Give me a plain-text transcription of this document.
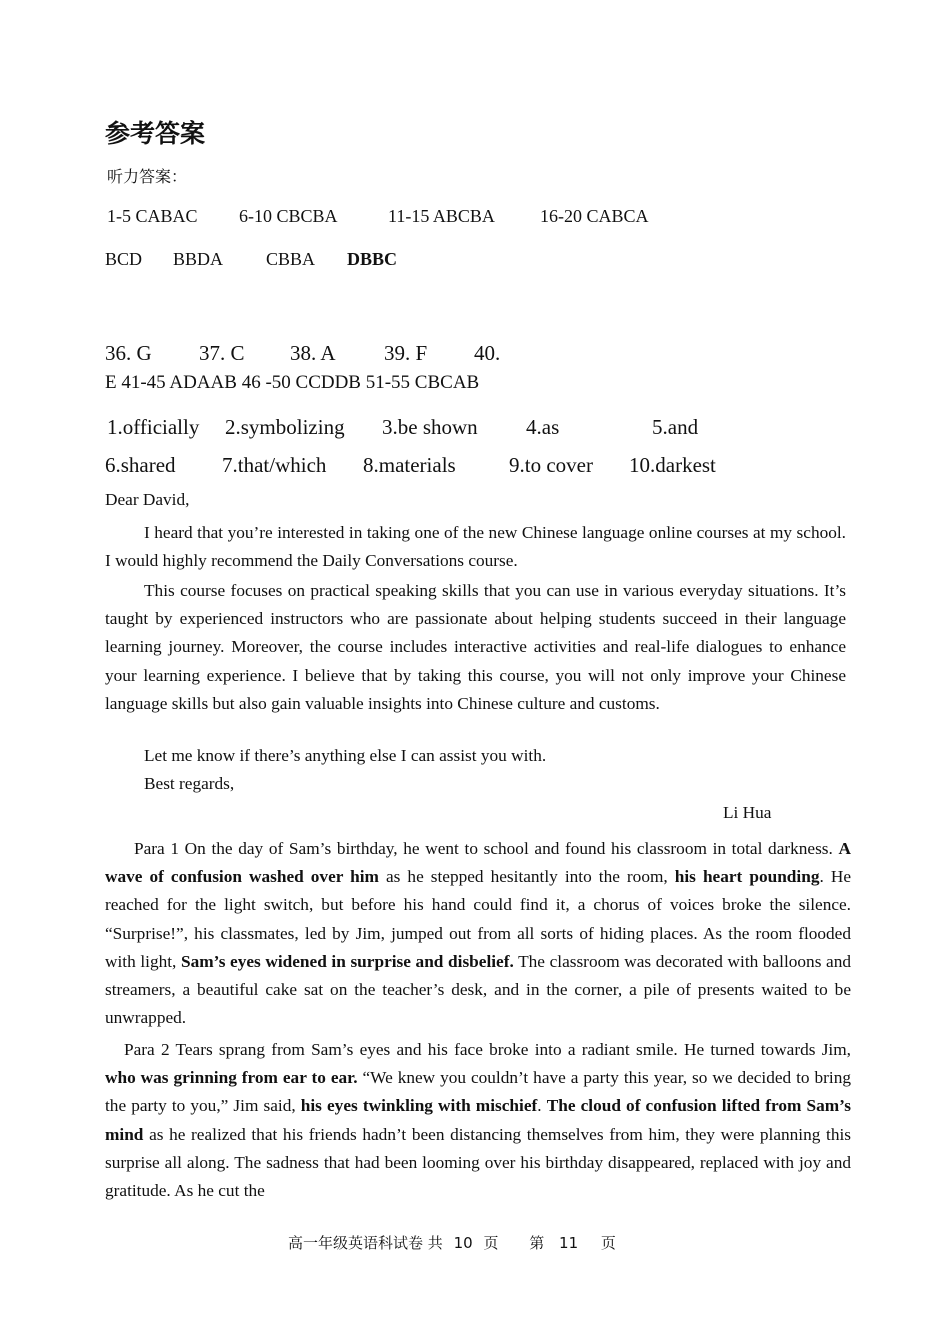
参考答案
听力答案：
1-5 CABAC 6-10 CBCBA	11-15 ABCBA	16-20 CABCA
BCD BBDA CBBA DBBC
36. G 37. C 38. A 39. F 40.
E 41-45 ADAAB 46 -50 CCDDB 51-55 CBCAB
1.officially 2.symbolizing 3.be shown 4.as	5.and
6.shared 7.that/which 8.materials	9.to cover 10.darkest
Dear David,
I heard that you’re interested in taking one of the new Chinese language online courses at my school. I would highly recommend the Daily Conversations course.
This course focuses on practical speaking skills that you can use in various everyday situations. It’s taught by experienced instructors who are passionate about helping students succeed in their language learning journey. Moreover, the course includes interactive activities and real-life dialogues to enhance your learning experience. I believe that by taking this course, you will not only improve your Chinese language skills but also gain valuable insights into Chinese culture and customs.
Let me know if there’s anything else I can assist you with.
Best regards,
Li Hua
Para 1 On the day of Sam’s birthday, he went to school and found his classroom in total darkness. A wave of confusion washed over him as he stepped hesitantly into the room, his heart pounding. He reached for the light switch, but before his hand could find it, a chorus of voices broke the silence. “Surprise!”, his classmates, led by Jim, jumped out from all sorts of hiding places. As the room flooded with light, Sam’s eyes widened in surprise and disbelief. The classroom was decorated with balloons and streamers, a beautiful cake sat on the teacher’s desk, and in the corner, a pile of presents waited to be unwrapped.
Para 2 Tears sprang from Sam’s eyes and his face broke into a radiant smile. He turned towards Jim, who was grinning from ear to ear. “We knew you couldn’t have a party this year, so we decided to bring the party to you,” Jim said, his eyes twinkling with mischief. The cloud of confusion lifted from Sam’s mind as he realized that his friends hadn’t been distancing themselves from him, they were planning this surprise all along. The sadness that had been looming over his birthday disappeared, replaced with joy and gratitude. As he cut the
高一年级英语科试卷 共 10 页 第 11 页
